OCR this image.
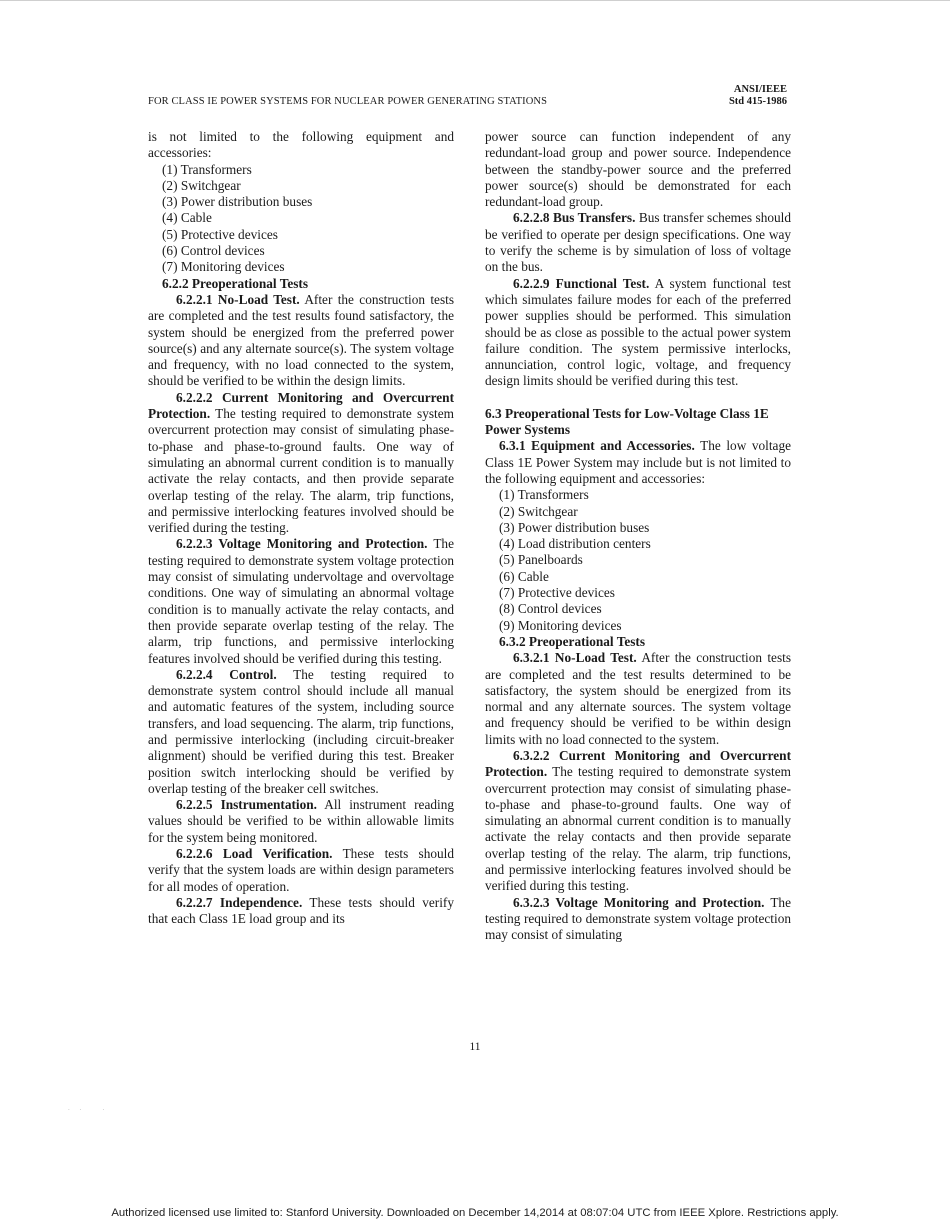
FOR CLASS IE POWER SYSTEMS FOR NUCLEAR POWER GENERATING STATIONS
ANSI/IEEE
Std 415-1986

is not limited to the following equipment and accessories:

(1) Transformers
(2) Switchgear
(3) Power distribution buses
(4) Cable
(5) Protective devices
(6) Control devices
(7) Monitoring devices
6.2.2 Preoperational Tests

6.2.2.1 No-Load Test. After the construction tests are completed and the test results found satisfactory, the system should be energized from the preferred power source(s) and any alternate source(s). The system voltage and frequency, with no load connected to the system, should be verified to be within the design limits.

6.2.2.2 Current Monitoring and Overcurrent Protection. The testing required to demonstrate system overcurrent protection may consist of simulating phase-to-phase and phase-to-ground faults. One way of simulating an abnormal current condition is to manually activate the relay contacts, and then provide separate overlap testing of the relay. The alarm, trip functions, and permissive interlocking features involved should be verified during the testing.

6.2.2.3 Voltage Monitoring and Protection. The testing required to demonstrate system voltage protection may consist of simulating undervoltage and overvoltage conditions. One way of simulating an abnormal voltage condition is to manually activate the relay contacts, and then provide separate overlap testing of the relay. The alarm, trip functions, and permissive interlocking features involved should be verified during this testing.

6.2.2.4 Control. The testing required to demonstrate system control should include all manual and automatic features of the system, including source transfers, and load sequencing. The alarm, trip functions, and permissive interlocking (including circuit-breaker alignment) should be verified during this test. Breaker position switch interlocking should be verified by overlap testing of the breaker cell switches.

6.2.2.5 Instrumentation. All instrument reading values should be verified to be within allowable limits for the system being monitored.

6.2.2.6 Load Verification. These tests should verify that the system loads are within design parameters for all modes of operation.

6.2.2.7 Independence. These tests should verify that each Class 1E load group and its

power source can function independent of any redundant-load group and power source. Independence between the standby-power source and the preferred power source(s) should be demonstrated for each redundant-load group.

6.2.2.8 Bus Transfers. Bus transfer schemes should be verified to operate per design specifications. One way to verify the scheme is by simulation of loss of voltage on the bus.

6.2.2.9 Functional Test. A system functional test which simulates failure modes for each of the preferred power supplies should be performed. This simulation should be as close as possible to the actual power system failure condition. The system permissive interlocks, annunciation, control logic, voltage, and frequency design limits should be verified during this test.

6.3 Preoperational Tests for Low-Voltage Class 1E Power Systems

6.3.1 Equipment and Accessories. The low voltage Class 1E Power System may include but is not limited to the following equipment and accessories:

(1) Transformers
(2) Switchgear
(3) Power distribution buses
(4) Load distribution centers
(5) Panelboards
(6) Cable
(7) Protective devices
(8) Control devices
(9) Monitoring devices
6.3.2 Preoperational Tests

6.3.2.1 No-Load Test. After the construction tests are completed and the test results determined to be satisfactory, the system should be energized from its normal and any alternate sources. The system voltage and frequency should be verified to be within design limits with no load connected to the system.

6.3.2.2 Current Monitoring and Overcurrent Protection. The testing required to demonstrate system overcurrent protection may consist of simulating phase-to-phase and phase-to-ground faults. One way of simulating an abnormal current condition is to manually activate the relay contacts and then provide separate overlap testing of the relay. The alarm, trip functions, and permissive interlocking features involved should be verified during this testing.

6.3.2.3 Voltage Monitoring and Protection. The testing required to demonstrate system voltage protection may consist of simulating

11
. .   .
Authorized licensed use limited to: Stanford University. Downloaded on December 14,2014 at 08:07:04 UTC from IEEE Xplore. Restrictions apply.
